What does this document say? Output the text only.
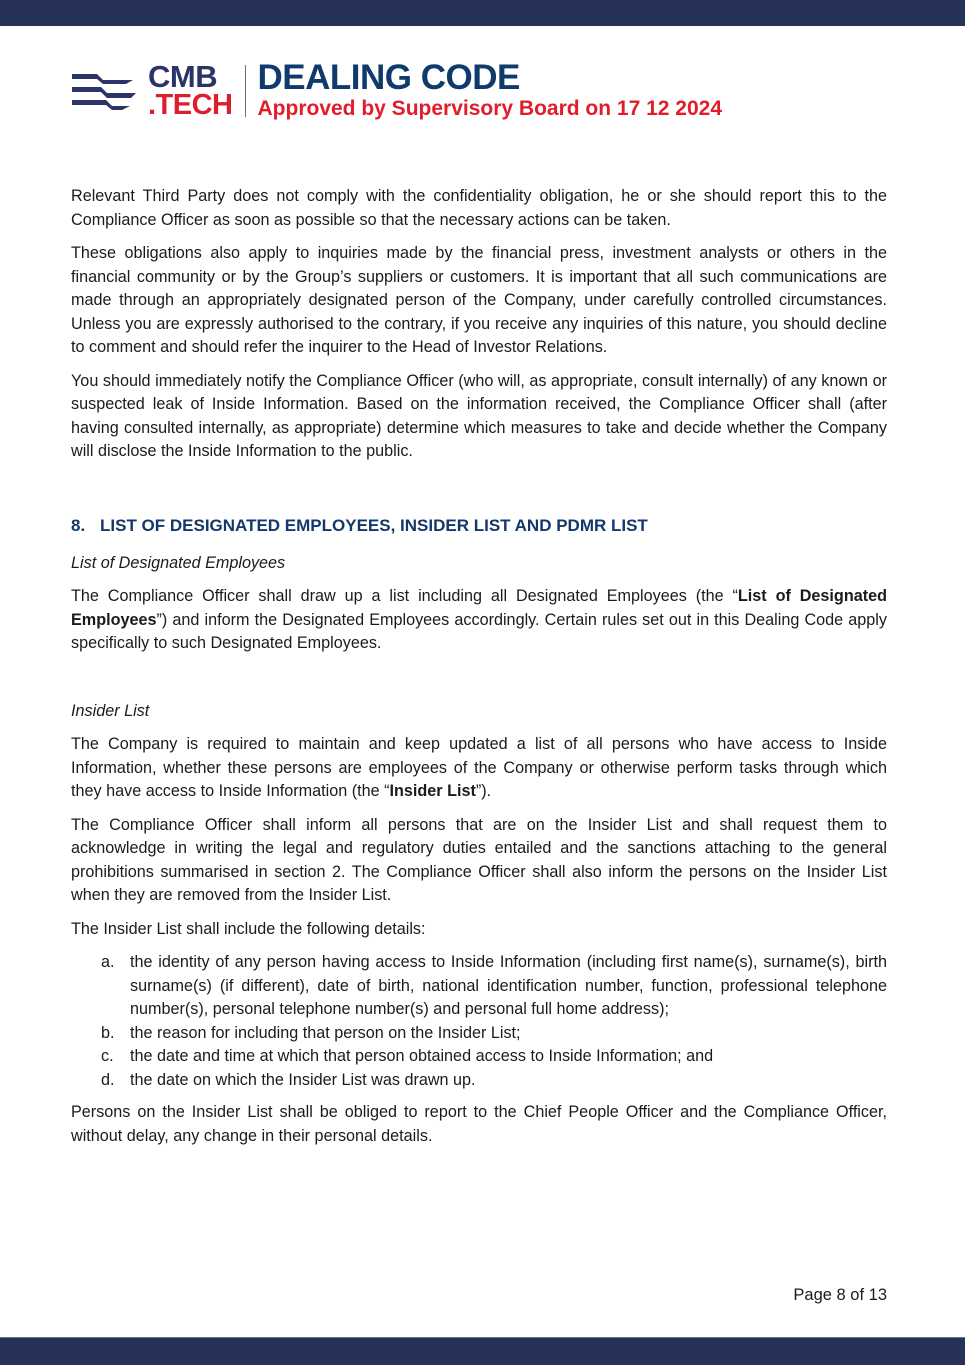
CMB
.TECH
DEALING CODE
Approved by Supervisory Board on 17 12 2024

Relevant Third Party does not comply with the confidentiality obligation, he or she should report this to the Compliance Officer as soon as possible so that the necessary actions can be taken.

These obligations also apply to inquiries made by the financial press, investment analysts or others in the financial community or by the Group’s suppliers or customers. It is important that all such communications are made through an appropriately designated person of the Company, under carefully controlled circumstances. Unless you are expressly authorised to the contrary, if you receive any inquiries of this nature, you should decline to comment and should refer the inquirer to the Head of Investor Relations.

You should immediately notify the Compliance Officer (who will, as appropriate, consult internally) of any known or suspected leak of Inside Information. Based on the information received, the Compliance Officer shall (after having consulted internally, as appropriate) determine which measures to take and decide whether the Company will disclose the Inside Information to the public.

8. LIST OF DESIGNATED EMPLOYEES, INSIDER LIST AND PDMR LIST
List of Designated Employees

The Compliance Officer shall draw up a list including all Designated Employees (the “List of Designated Employees”) and inform the Designated Employees accordingly. Certain rules set out in this Dealing Code apply specifically to such Designated Employees.

Insider List

The Company is required to maintain and keep updated a list of all persons who have access to Inside Information, whether these persons are employees of the Company or otherwise perform tasks through which they have access to Inside Information (the “Insider List”).

The Compliance Officer shall inform all persons that are on the Insider List and shall request them to acknowledge in writing the legal and regulatory duties entailed and the sanctions attaching to the general prohibitions summarised in section 2. The Compliance Officer shall also inform the persons on the Insider List when they are removed from the Insider List.

The Insider List shall include the following details:

a. the identity of any person having access to Inside Information (including first name(s), surname(s), birth surname(s) (if different), date of birth, national identification number, function, professional telephone number(s), personal telephone number(s) and personal full home address);
b. the reason for including that person on the Insider List;
c.	the date and time at which that person obtained access to Inside Information; and
d. the date on which the Insider List was drawn up.

Persons on the Insider List shall be obliged to report to the Chief People Officer and the Compliance Officer, without delay, any change in their personal details.

Page 8 of 13
